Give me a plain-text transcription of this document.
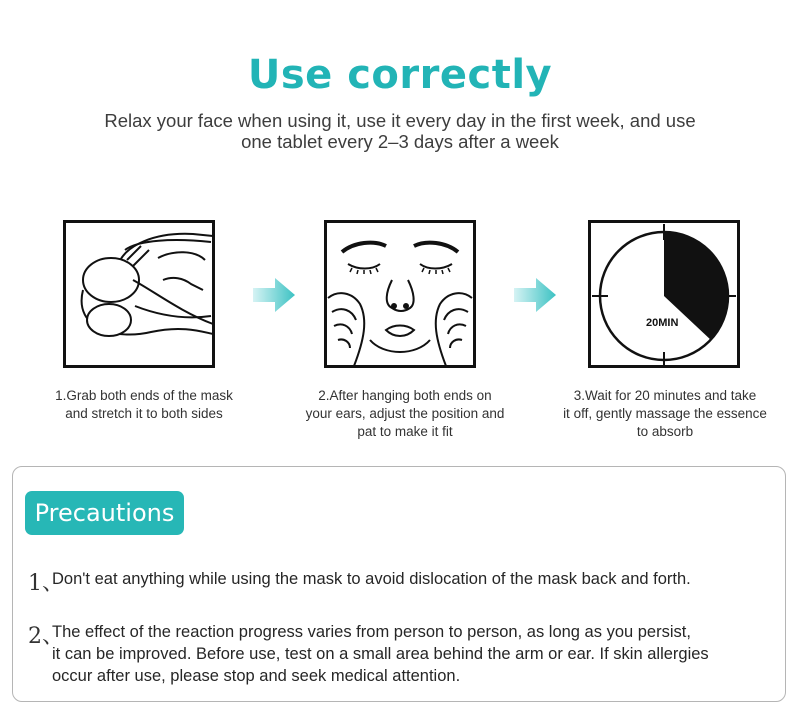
Use correctly
Relax your face when using it, use it every day in the first week, and use
one tablet every 2–3 days after a week
20MIN
1.Grab both ends of the mask
and stretch it to both sides
2.After hanging both ends on
your ears, adjust the position and
pat to make it fit
3.Wait for 20 minutes and take
it off, gently massage the essence
to absorb
Precautions
1、
Don't eat anything while using the mask to avoid dislocation of the mask back and forth.
2、
The effect of the reaction progress varies from person to person, as long as you persist,
it can be improved. Before use, test on a small area behind the arm or ear. If skin allergies
occur after use, please stop and seek medical attention.
